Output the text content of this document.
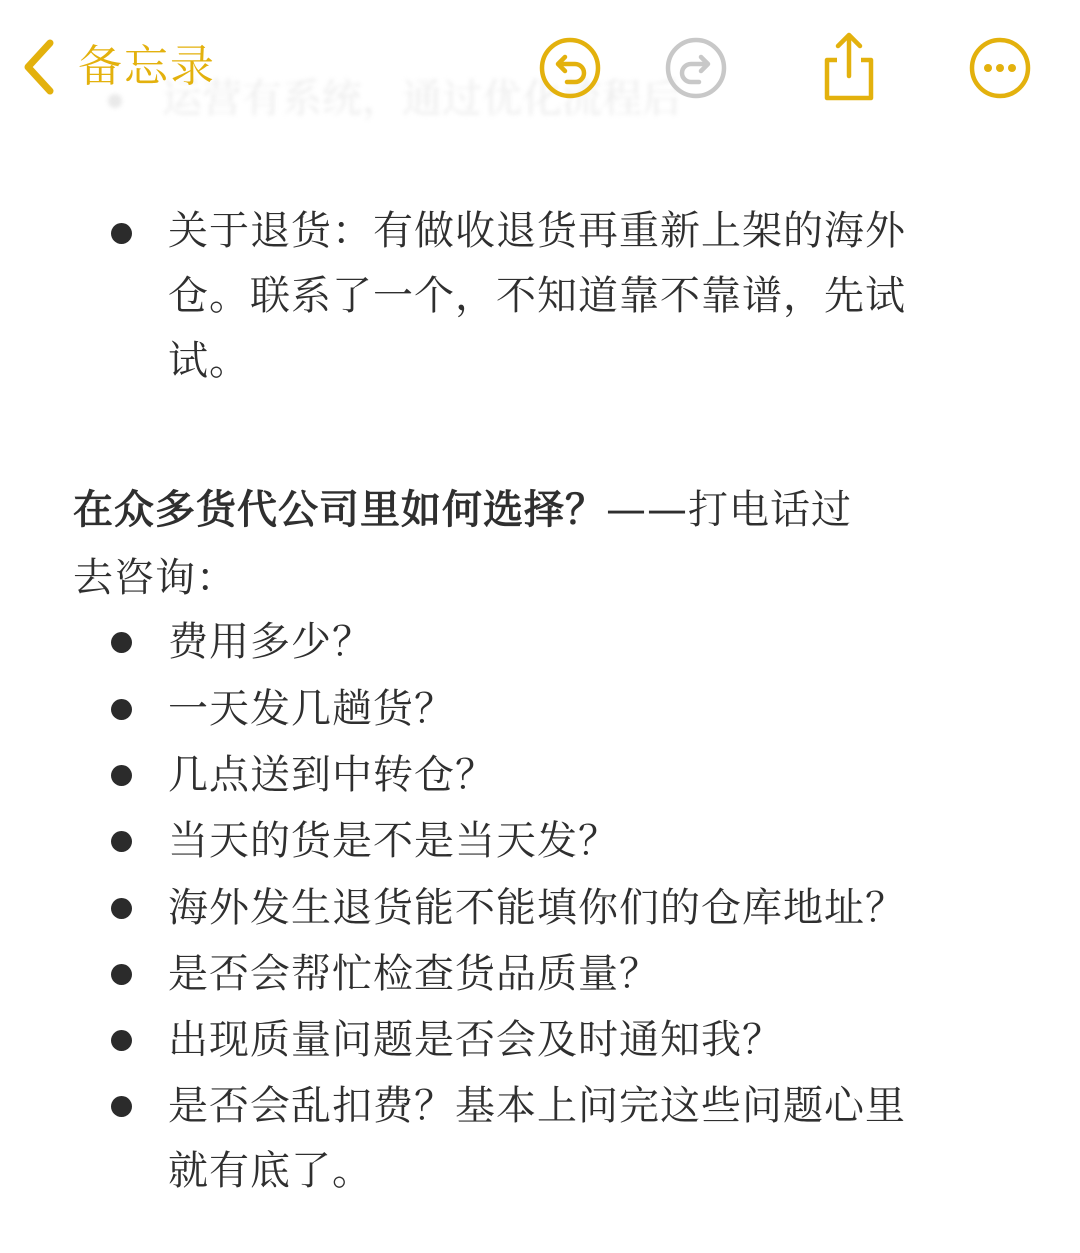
关于退货：有做收退货再重新上架的海外
仓。联系了一个，不知道靠不靠谱，先试
试。
在众多货代公司里如何选择？——打电话过
去咨询：
费用多少？
一天发几趟货？
几点送到中转仓？
当天的货是不是当天发？
海外发生退货能不能填你们的仓库地址？
是否会帮忙检查货品质量？
出现质量问题是否会及时通知我？
是否会乱扣费？基本上问完这些问题心里
就有底了。
运营有系统，通过优化流程后
备忘录
